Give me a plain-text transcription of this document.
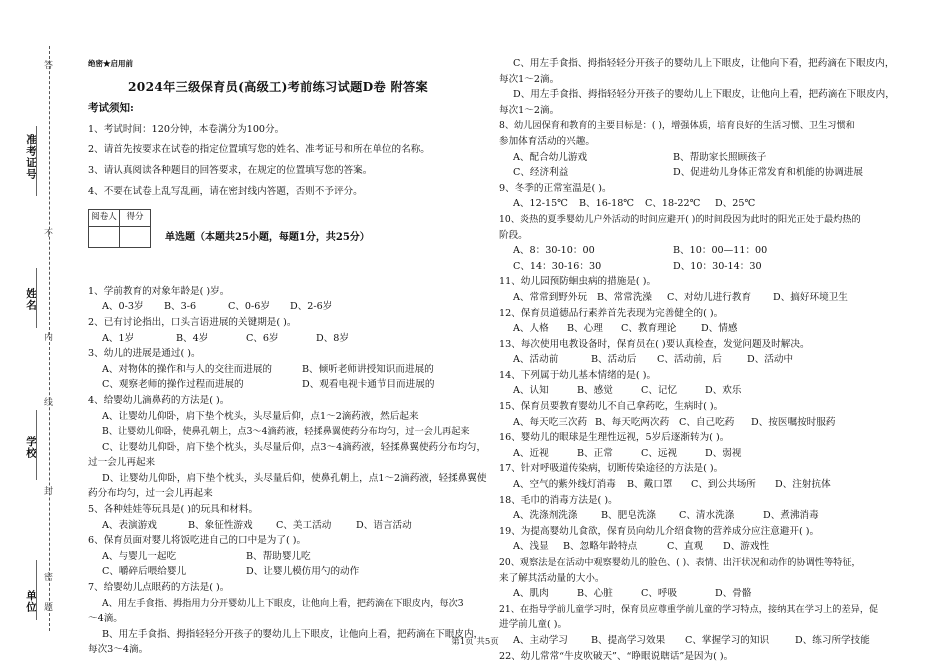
答
准考证号
不
姓名
内
线
学校
封
密
单位 题
绝密★启用前
2024年三级保育员(高级工)考前练习试题D卷 附答案
考试须知:

1、考试时间：120分钟，本卷满分为100分。

2、请首先按要求在试卷的指定位置填写您的姓名、准考证号和所在单位的名称。

3、请认真阅读各种题目的回答要求，在规定的位置填写您的答案。

4、不要在试卷上乱写乱画，请在密封线内答题，否则不予评分。

阅卷人	得分

单选题（本题共25小题，每题1分，共25分）

1、学前教育的对象年龄是( )岁。

A、0-3岁	B、3-6	C、0-6岁	D、2-6岁

2、已有讨论指出，口头言语进展的关键期是( )。

A、1岁	B、4岁	C、6岁	D、8岁

3、幼儿的进展是通过( )。

A、对物体的操作和与人的交往而进展的	B、倾听老师讲授知识而进展的
C、观察老师的操作过程而进展的	D、观看电视卡通节目而进展的

4、给婴幼儿滴鼻药的方法是( )。

A、让婴幼儿仰卧，肩下垫个枕头，头尽量后仰，点1～2滴药液，然后起来

B、让婴幼儿仰卧，使鼻孔朝上，点3～4滴药液，轻揉鼻翼使药分布均匀，过一会儿再起来

C、让婴幼儿仰卧，肩下垫个枕头，头尽量后仰，点3～4滴药液，轻揉鼻翼使药分布均匀，

过一会儿再起来

D、让婴幼儿仰卧，肩下垫个枕头，头尽量后仰，使鼻孔朝上，点1～2滴药液，轻揉鼻翼使

药分布均匀，过一会儿再起来

5、各种娃娃等玩具是( )的玩具和材料。

A、表演游戏	B、象征性游戏	C、美工活动	D、语言活动

6、保育员面对婴儿将饭吃进自己的口中是为了( )。

A、与婴儿一起吃	B、帮助婴儿吃
C、嚼碎后喂给婴儿	D、让婴儿模仿用勺的动作

7、给婴幼儿点眼药的方法是( )。

A、用左手食指、拇指用力分开婴幼儿上下眼皮，让他向上看，把药滴在下眼皮内，每次3

～4滴。

B、用左手食指、拇指轻轻分开孩子的婴幼儿上下眼皮，让他向上看，把药滴在下眼皮内，

每次3～4滴。

C、用左手食指、拇指轻轻分开孩子的婴幼儿上下眼皮，让他向下看，把药滴在下眼皮内，

每次1～2滴。

D、用左手食指、拇指轻轻分开孩子的婴幼儿上下眼皮，让他向上看，把药滴在下眼皮内，

每次1～2滴。

8、幼儿园保育和教育的主要目标是：( )，增强体质，培育良好的生活习惯、卫生习惯和

参加体育活动的兴趣。

A、配合幼儿游戏	B、帮助家长照顾孩子
C、经济利益	D、促进幼儿身体正常发育和机能的协调进展

9、冬季的正常室温是( )。

A、12-15℃	B、16-18℃	C、18-22℃	D、25℃

10、炎热的夏季婴幼儿户外活动的时间应避开( )的时间段因为此时的阳光正处于最灼热的

阶段。

A、8：30-10：00	B、10：00—11：00
C、14：30-16：30	D、10：30-14：30

11、幼儿园预防蛔虫病的措施是( )。

A、常常到野外玩	B、常常洗澡	C、对幼儿进行教育	D、搞好环境卫生

12、保育员道德品行素养首先表现为完善健全的( )。

A、人格	B、心理	C、教育理论	D、情感

13、每次使用电教设备时，保育员在( )要认真检查，发觉问题及时解决。

A、活动前	B、活动后	C、活动前，后	D、活动中

14、下列属于幼儿基本情绪的是( )。

A、认知	B、感觉	C、记忆	D、欢乐

15、保育员要教育婴幼儿不自己拿药吃，生病时( )。

A、每天吃三次药 B、每天吃两次药	C、自己吃药	D、按医嘱按时服药

16、婴幼儿的眼球是生理性远视，5岁后逐渐转为( )。

A、近视	B、正常	C、远视	D、弱视

17、针对呼吸道传染病，切断传染途径的方法是( )。

A、空气的紫外线灯消毒	B、戴口罩	C、到公共场所	D、注射抗体

18、毛巾的消毒方法是( )。

A、洗涤剂洗涤	B、肥皂洗涤	C、清水洗涤	D、煮沸消毒

19、为提高婴幼儿食欲，保育员向幼儿介绍食物的营养成分应注意避开( )。

A、浅显	B、忽略年龄特点	C、直观	D、游戏性

20、观察法是在活动中观察婴幼儿的脸色、( )、表情、出汗状况和动作的协调性等特征，

来了解其活动量的大小。

A、肌肉	B、心脏	C、呼吸	D、骨骼

21、在指导学前儿童学习时，保育员应尊重学前儿童的学习特点，接纳其在学习上的差异，促

进学前儿童( )。

A、主动学习	B、提高学习效果	C、掌握学习的知识	D、练习所学技能

22、幼儿常常“牛皮吹破天”、“睁眼说瞎话”是因为( )。

第1页 共5页
